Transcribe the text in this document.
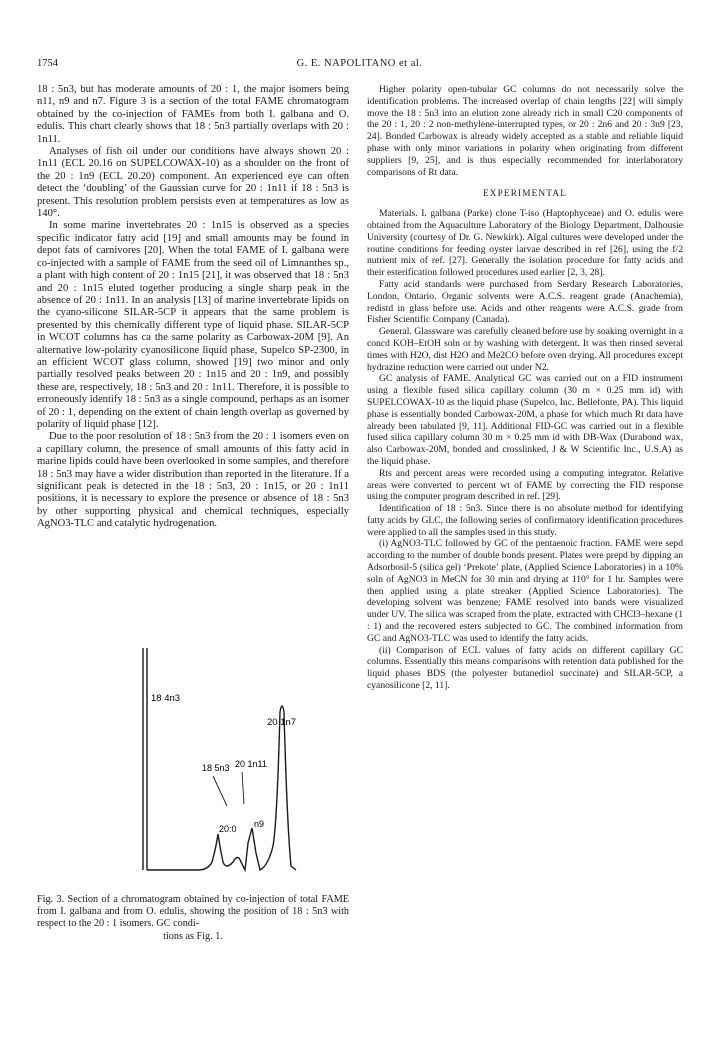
1754	G. E. NAPOLITANO et al.

18 : 5n3, but has moderate amounts of 20 : 1, the major isomers being n11, n9 and n7. Figure 3 is a section of the total FAME chromatogram obtained by the co-injection of FAMEs from both I. galbana and O. edulis. This chart clearly shows that 18 : 5n3 partially overlaps with 20 : 1n11.

Analyses of fish oil under our conditions have always shown 20 : 1n11 (ECL 20.16 on SUPELCOWAX-10) as a shoulder on the front of the 20 : 1n9 (ECL 20.20) component. An experienced eye can often detect the ‘doubling’ of the Gaussian curve for 20 : 1n11 if 18 : 5n3 is present. This resolution problem persists even at temperatures as low as 140°.

In some marine invertebrates 20 : 1n15 is observed as a species specific indicator fatty acid [19] and small amounts may be found in depot fats of carnivores [20]. When the total FAME of I. galbana were co-injected with a sample of FAME from the seed oil of Limnanthes sp., a plant with high content of 20 : 1n15 [21], it was observed that 18 : 5n3 and 20 : 1n15 eluted together producing a single sharp peak in the absence of 20 : 1n11. In an analysis [13] of marine invertebrate lipids on the cyano-silicone SILAR-5CP it appears that the same problem is presented by this chemically different type of liquid phase. SILAR-5CP in WCOT columns has ca the same polarity as Carbowax-20M [9]. An alternative low-polarity cyanosilicone liquid phase, Supelco SP-2300, in an efficient WCOT glass column, showed [19] two minor and only partially resolved peaks between 20 : 1n15 and 20 : 1n9, and possibly these are, respectively, 18 : 5n3 and 20 : 1n11. Therefore, it is possible to erroneously identify 18 : 5n3 as a single compound, perhaps as an isomer of 20 : 1, depending on the extent of chain length overlap as governed by polarity of liquid phase [12].

Due to the poor resolution of 18 : 5n3 from the 20 : 1 isomers even on a capillary column, the presence of small amounts of this fatty acid in marine lipids could have been overlooked in some samples, and therefore 18 : 5n3 may have a wider distribution than reported in the literature. If a significant peak is detected in the 18 : 5n3, 20 : 1n15, or 20 : 1n11 positions, it is necessary to explore the presence or absence of 18 : 5n3 by other supporting physical and chemical techniques, especially AgNO3-TLC and catalytic hydrogenation.

18 4n3
20 1n7
18 5n3 20 1n11
20:0 n9
Fig. 3. Section of a chromatogram obtained by co-injection of total FAME from I. galbana and from O. edulis, showing the position of 18 : 5n3 with respect to the 20 : 1 isomers. GC condi-
tions as Fig. 1.

Higher polarity open-tubular GC columns do not necessarily solve the identification problems. The increased overlap of chain lengths [22] will simply move the 18 : 5n3 into an elution zone already rich in small C20 components of the 20 : 1, 20 : 2 non-methylene-interrupted types, or 20 : 2n6 and 20 : 3n9 [23, 24]. Bonded Carbowax is already widely accepted as a stable and reliable liquid phase with only minor variations in polarity when originating from different suppliers [9, 25], and is thus especially recommended for interlaboratory comparisons of Rt data.

EXPERIMENTAL

Materials. I. galbana (Parke) clone T-iso (Haptophyceae) and O. edulis were obtained from the Aquaculture Laboratory of the Biology Department, Dalhousie University (courtesy of Dr. G. Newkirk). Algal cultures were developed under the routine conditions for feeding oyster larvae described in ref [26], using the f/2 nutrient mix of ref. [27]. Generally the isolation procedure for fatty acids and their esterification followed procedures used earlier [2, 3, 28].

Fatty acid standards were purchased from Serdary Research Laboratories, London, Ontario. Organic solvents were A.C.S. reagent grade (Anachemia), redistd in glass before use. Acids and other reagents were A.C.S. grade from Fisher Scientific Company (Canada).

General. Glassware was carefully cleaned before use by soaking overnight in a concd KOH–EtOH soln or by washing with detergent. It was then rinsed several times with H2O, dist H2O and Me2CO before oven drying. All procedures except hydrazine reduction were carried out under N2.

GC analysis of FAME. Analytical GC was carried out on a FID instrument using a flexible fused silica capillary column (30 m × 0.25 mm id) with SUPELCOWAX-10 as the liquid phase (Supelco, Inc. Bellefonte, PA). This liquid phase is essentially bonded Carbowax-20M, a phase for which much Rt data have already been tabulated [9, 11]. Additional FID-GC was carried out in a flexible fused silica capillary column 30 m × 0.25 mm id with DB-Wax (Durabond wax, also Carbowax-20M, bonded and crosslinked, J & W Scientific Inc., U.S.A) as the liquid phase.

Rts and percent areas were recorded using a computing integrator. Relative areas were converted to percent wt of FAME by correcting the FID response using the computer program described in ref. [29].

Identification of 18 : 5n3. Since there is no absolute method for identifying fatty acids by GLC, the following series of confirmatory identification procedures were applied to all the samples used in this study.

(i) AgNO3-TLC followed by GC of the pentaenoic fraction. FAME were sepd according to the number of double bonds present. Plates were prepd by dipping an Adsorbosil-5 (silica gel) ‘Prekote’ plate, (Applied Science Laboratories) in a 10% soln of AgNO3 in MeCN for 30 min and drying at 110° for 1 hr. Samples were then applied using a plate streaker (Applied Science Laboratories). The developing solvent was benzene; FAME resolved into bands were visualized under UV. The silica was scraped from the plate, extracted with CHCl3–hexane (1 : 1) and the recovered esters subjected to GC. The combined information from GC and AgNO3-TLC was used to identify the fatty acids.

(ii) Comparison of ECL values of fatty acids on different capillary GC columns. Essentially this means comparisons with retention data published for the liquid phases BDS (the polyester butanediol succinate) and SILAR-5CP, a cyanosilicone [2, 11].
